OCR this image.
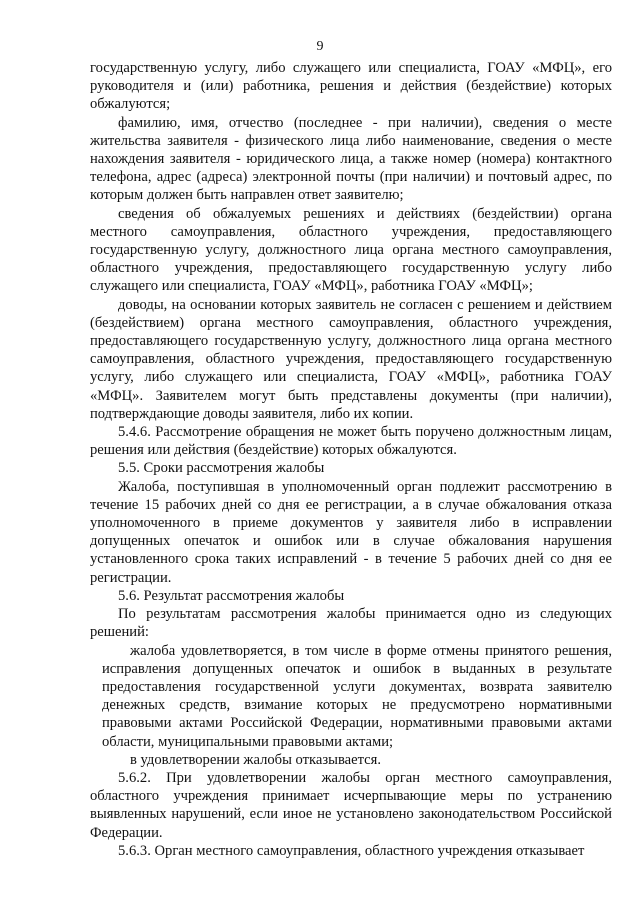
9

государственную услугу, либо служащего или специалиста, ГОАУ «МФЦ», его руководителя и (или) работника, решения и действия (бездействие) которых обжалуются;

фамилию, имя, отчество (последнее - при наличии), сведения о месте жительства заявителя - физического лица либо наименование, сведения о месте нахождения заявителя - юридического лица, а также номер (номера) контактного телефона, адрес (адреса) электронной почты (при наличии) и почтовый адрес, по которым должен быть направлен ответ заявителю;

сведения об обжалуемых решениях и действиях (бездействии) органа местного самоуправления, областного учреждения, предоставляющего государственную услугу, должностного лица органа местного самоуправления, областного учреждения, предоставляющего государственную услугу либо служащего или специалиста, ГОАУ «МФЦ», работника ГОАУ «МФЦ»;

доводы, на основании которых заявитель не согласен с решением и действием (бездействием) органа местного самоуправления, областного учреждения, предоставляющего государственную услугу, должностного лица органа местного самоуправления, областного учреждения, предоставляющего государственную услугу, либо служащего или специалиста, ГОАУ «МФЦ», работника ГОАУ «МФЦ». Заявителем могут быть представлены документы (при наличии), подтверждающие доводы заявителя, либо их копии.

5.4.6. Рассмотрение обращения не может быть поручено должностным лицам, решения или действия (бездействие) которых обжалуются.

5.5. Сроки рассмотрения жалобы

Жалоба, поступившая в уполномоченный орган подлежит рассмотрению в течение 15 рабочих дней со дня ее регистрации, а в случае обжалования отказа уполномоченного в приеме документов у заявителя либо в исправлении допущенных опечаток и ошибок или в случае обжалования нарушения установленного срока таких исправлений - в течение 5 рабочих дней со дня ее регистрации.

5.6. Результат рассмотрения жалобы

По результатам рассмотрения жалобы принимается одно из следующих решений:

жалоба удовлетворяется, в том числе в форме отмены принятого решения, исправления допущенных опечаток и ошибок в выданных в результате предоставления государственной услуги документах, возврата заявителю денежных средств, взимание которых не предусмотрено нормативными правовыми актами Российской Федерации, нормативными правовыми актами области, муниципальными правовыми актами;

в удовлетворении жалобы отказывается.

5.6.2. При удовлетворении жалобы орган местного самоуправления, областного учреждения принимает исчерпывающие меры по устранению выявленных нарушений, если иное не установлено законодательством Российской Федерации.

5.6.3. Орган местного самоуправления, областного учреждения отказывает
